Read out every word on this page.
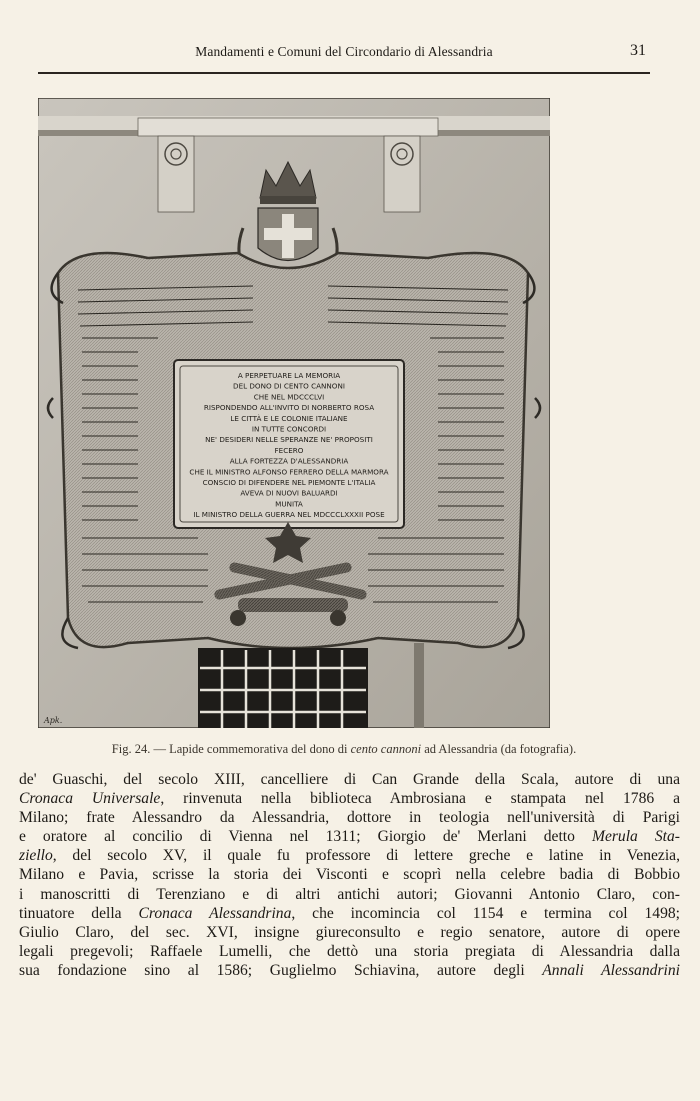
Mandamenti e Comuni del Circondario di Alessandria	31
A PERPETUARE LA MEMORIA
DEL DONO DI CENTO CANNONI
CHE NEL MDCCCLVI
RISPONDENDO ALL'INVITO DI NORBERTO ROSA
LE CITTÀ E LE COLONIE ITALIANE
IN TUTTE CONCORDI
NE' DESIDERI NELLE SPERANZE NE' PROPOSITI
FECERO
ALLA FORTEZZA D'ALESSANDRIA
CHE IL MINISTRO ALFONSO FERRERO DELLA MARMORA
CONSCIO DI DIFENDERE NEL PIEMONTE L'ITALIA
AVEVA DI NUOVI BALUARDI
MUNITA
IL MINISTRO DELLA GUERRA NEL MDCCCLXXXII POSE
Apk.
Fig. 24. — Lapide commemorativa del dono di cento cannoni ad Alessandria (da fotografia).
de' Guaschi, del secolo XIII, cancelliere di Can Grande della Scala, autore di una
Cronaca Universale, rinvenuta nella biblioteca Ambrosiana e stampata nel 1786 a
Milano; frate Alessandro da Alessandria, dottore in teologia nell'università di Parigi
e oratore al concilio di Vienna nel 1311; Giorgio de' Merlani detto Merula Sta-
ziello, del secolo XV, il quale fu professore di lettere greche e latine in Venezia,
Milano e Pavia, scrisse la storia dei Visconti e scoprì nella celebre badia di Bobbio
i manoscritti di Terenziano e di altri antichi autori; Giovanni Antonio Claro, con-
tinuatore della Cronaca Alessandrina, che incomincia col 1154 e termina col 1498;
Giulio Claro, del sec. XVI, insigne giureconsulto e regio senatore, autore di opere
legali pregevoli; Raffaele Lumelli, che dettò una storia pregiata di Alessandria dalla
sua fondazione sino al 1586; Guglielmo Schiavina, autore degli Annali Alessandrini
